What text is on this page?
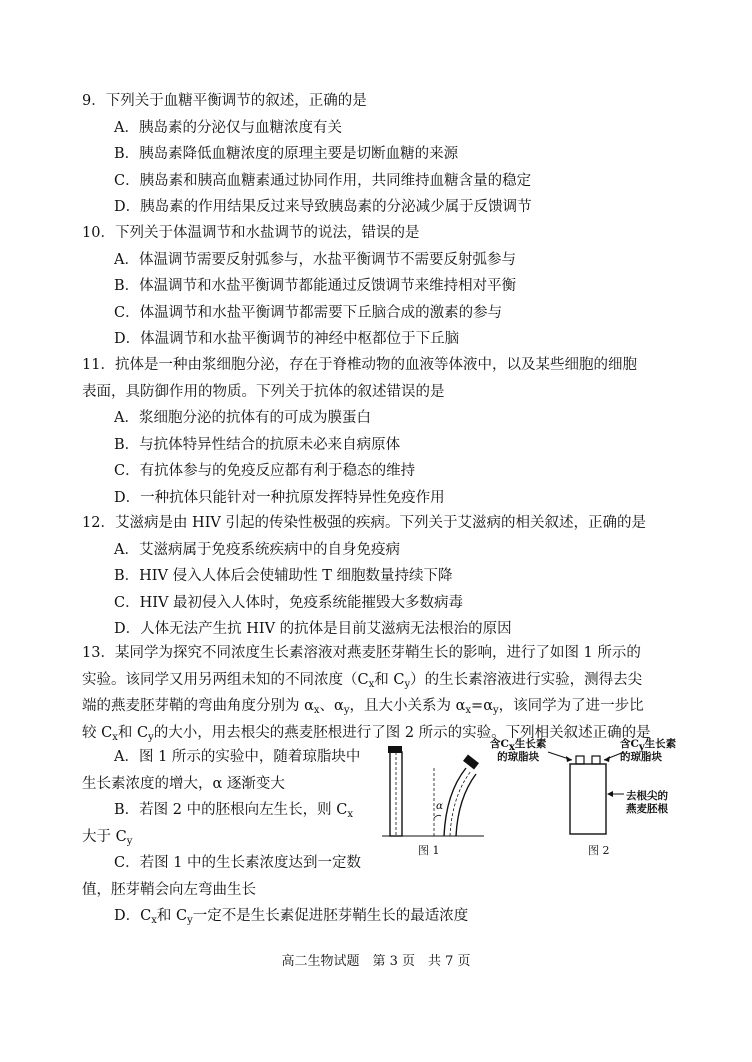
9．下列关于血糖平衡调节的叙述，正确的是
A．胰岛素的分泌仅与血糖浓度有关
B．胰岛素降低血糖浓度的原理主要是切断血糖的来源
C．胰岛素和胰高血糖素通过协同作用，共同维持血糖含量的稳定
D．胰岛素的作用结果反过来导致胰岛素的分泌减少属于反馈调节
10．下列关于体温调节和水盐调节的说法，错误的是
A．体温调节需要反射弧参与，水盐平衡调节不需要反射弧参与
B．体温调节和水盐平衡调节都能通过反馈调节来维持相对平衡
C．体温调节和水盐平衡调节都需要下丘脑合成的激素的参与
D．体温调节和水盐平衡调节的神经中枢都位于下丘脑
11．抗体是一种由浆细胞分泌，存在于脊椎动物的血液等体液中，以及某些细胞的细胞
表面，具防御作用的物质。下列关于抗体的叙述错误的是
A．浆细胞分泌的抗体有的可成为膜蛋白
B．与抗体特异性结合的抗原未必来自病原体
C．有抗体参与的免疫反应都有利于稳态的维持
D．一种抗体只能针对一种抗原发挥特异性免疫作用
12．艾滋病是由 HIV 引起的传染性极强的疾病。下列关于艾滋病的相关叙述，正确的是
A．艾滋病属于免疫系统疾病中的自身免疫病
B．HIV 侵入人体后会使辅助性 T 细胞数量持续下降
C．HIV 最初侵入人体时，免疫系统能摧毁大多数病毒
D．人体无法产生抗 HIV 的抗体是目前艾滋病无法根治的原因
13．某同学为探究不同浓度生长素溶液对燕麦胚芽鞘生长的影响，进行了如图 1 所示的
实验。该同学又用另两组未知的不同浓度（$C_x$和 $C_y$）的生长素溶液进行实验，测得去尖
端的燕麦胚芽鞘的弯曲角度分别为 $\alpha_x$、$\alpha_y$，且大小关系为 $\alpha_x=\alpha_y$，该同学为了进一步比
较 $C_x$和 $C_y$的大小，用去根尖的燕麦胚根进行了图 2 所示的实验。下列相关叙述正确的是
A．图 1 所示的实验中，随着琼脂块中
生长素浓度的增大，α 逐渐变大
B．若图 2 中的胚根向左生长，则 $C_x$
大于 $C_y$
C．若图 1 中的生长素浓度达到一定数
值，胚芽鞘会向左弯曲生长
D．$C_x$和 $C_y$一定不是生长素促进胚芽鞘生长的最适浓度
α
图 1
含$C_x$生长素
的琼脂块
含$C_y$生长素
的琼脂块
去根尖的
燕麦胚根
图 2
高二生物试题　第 3 页　共 7 页
